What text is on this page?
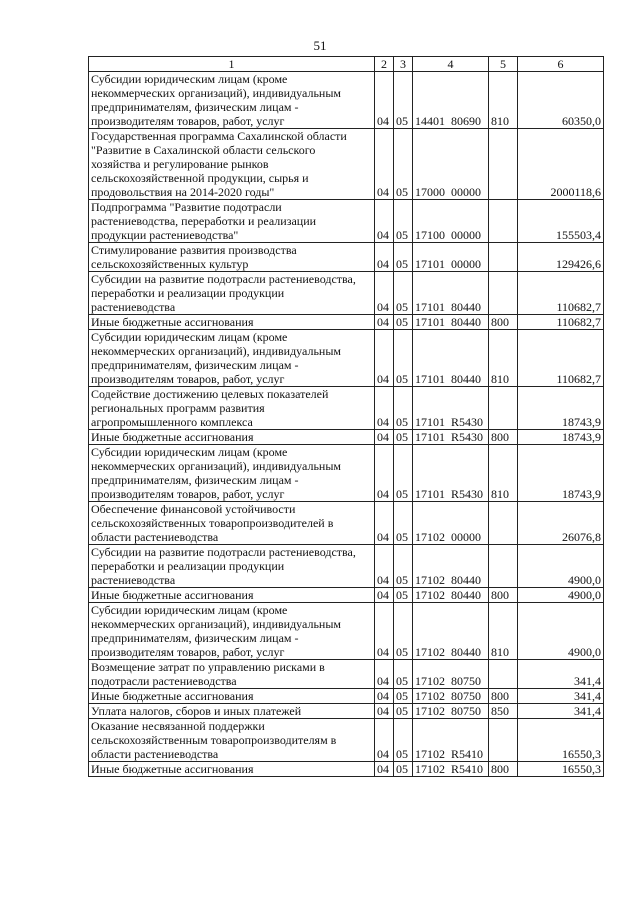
51
1	2	3	4	5	6
Субсидии юридическим лицам (кроме
некоммерческих организаций), индивидуальным
предпринимателям, физическим лицам -
производителям товаров, работ, услуг	04	05	14401  80690	810	60350,0
Государственная программа Сахалинской области
"Развитие в Сахалинской области сельского
хозяйства и регулирование рынков
сельскохозяйственной продукции, сырья и
продовольствия на 2014-2020 годы"	04	05	17000  00000		2000118,6
Подпрограмма "Развитие подотрасли
растениеводства, переработки и реализации
продукции растениеводства"	04	05	17100  00000		155503,4
Стимулирование развития производства
сельскохозяйственных культур	04	05	17101  00000		129426,6
Субсидии на развитие подотрасли растениеводства,
переработки и реализации продукции
растениеводства	04	05	17101  80440		110682,7
Иные бюджетные ассигнования	04	05	17101  80440	800	110682,7
Субсидии юридическим лицам (кроме
некоммерческих организаций), индивидуальным
предпринимателям, физическим лицам -
производителям товаров, работ, услуг	04	05	17101  80440	810	110682,7
Содействие достижению целевых показателей
региональных программ развития
агропромышленного комплекса	04	05	17101  R5430		18743,9
Иные бюджетные ассигнования	04	05	17101  R5430	800	18743,9
Субсидии юридическим лицам (кроме
некоммерческих организаций), индивидуальным
предпринимателям, физическим лицам -
производителям товаров, работ, услуг	04	05	17101  R5430	810	18743,9
Обеспечение финансовой устойчивости
сельскохозяйственных товаропроизводителей в
области растениеводства	04	05	17102  00000		26076,8
Субсидии на развитие подотрасли растениеводства,
переработки и реализации продукции
растениеводства	04	05	17102  80440		4900,0
Иные бюджетные ассигнования	04	05	17102  80440	800	4900,0
Субсидии юридическим лицам (кроме
некоммерческих организаций), индивидуальным
предпринимателям, физическим лицам -
производителям товаров, работ, услуг	04	05	17102  80440	810	4900,0
Возмещение затрат по управлению рисками в
подотрасли растениеводства	04	05	17102  80750		341,4
Иные бюджетные ассигнования	04	05	17102  80750	800	341,4
Уплата налогов, сборов и иных платежей	04	05	17102  80750	850	341,4
Оказание несвязанной поддержки
сельскохозяйственным товаропроизводителям в
области растениеводства	04	05	17102  R5410		16550,3
Иные бюджетные ассигнования	04	05	17102  R5410	800	16550,3
